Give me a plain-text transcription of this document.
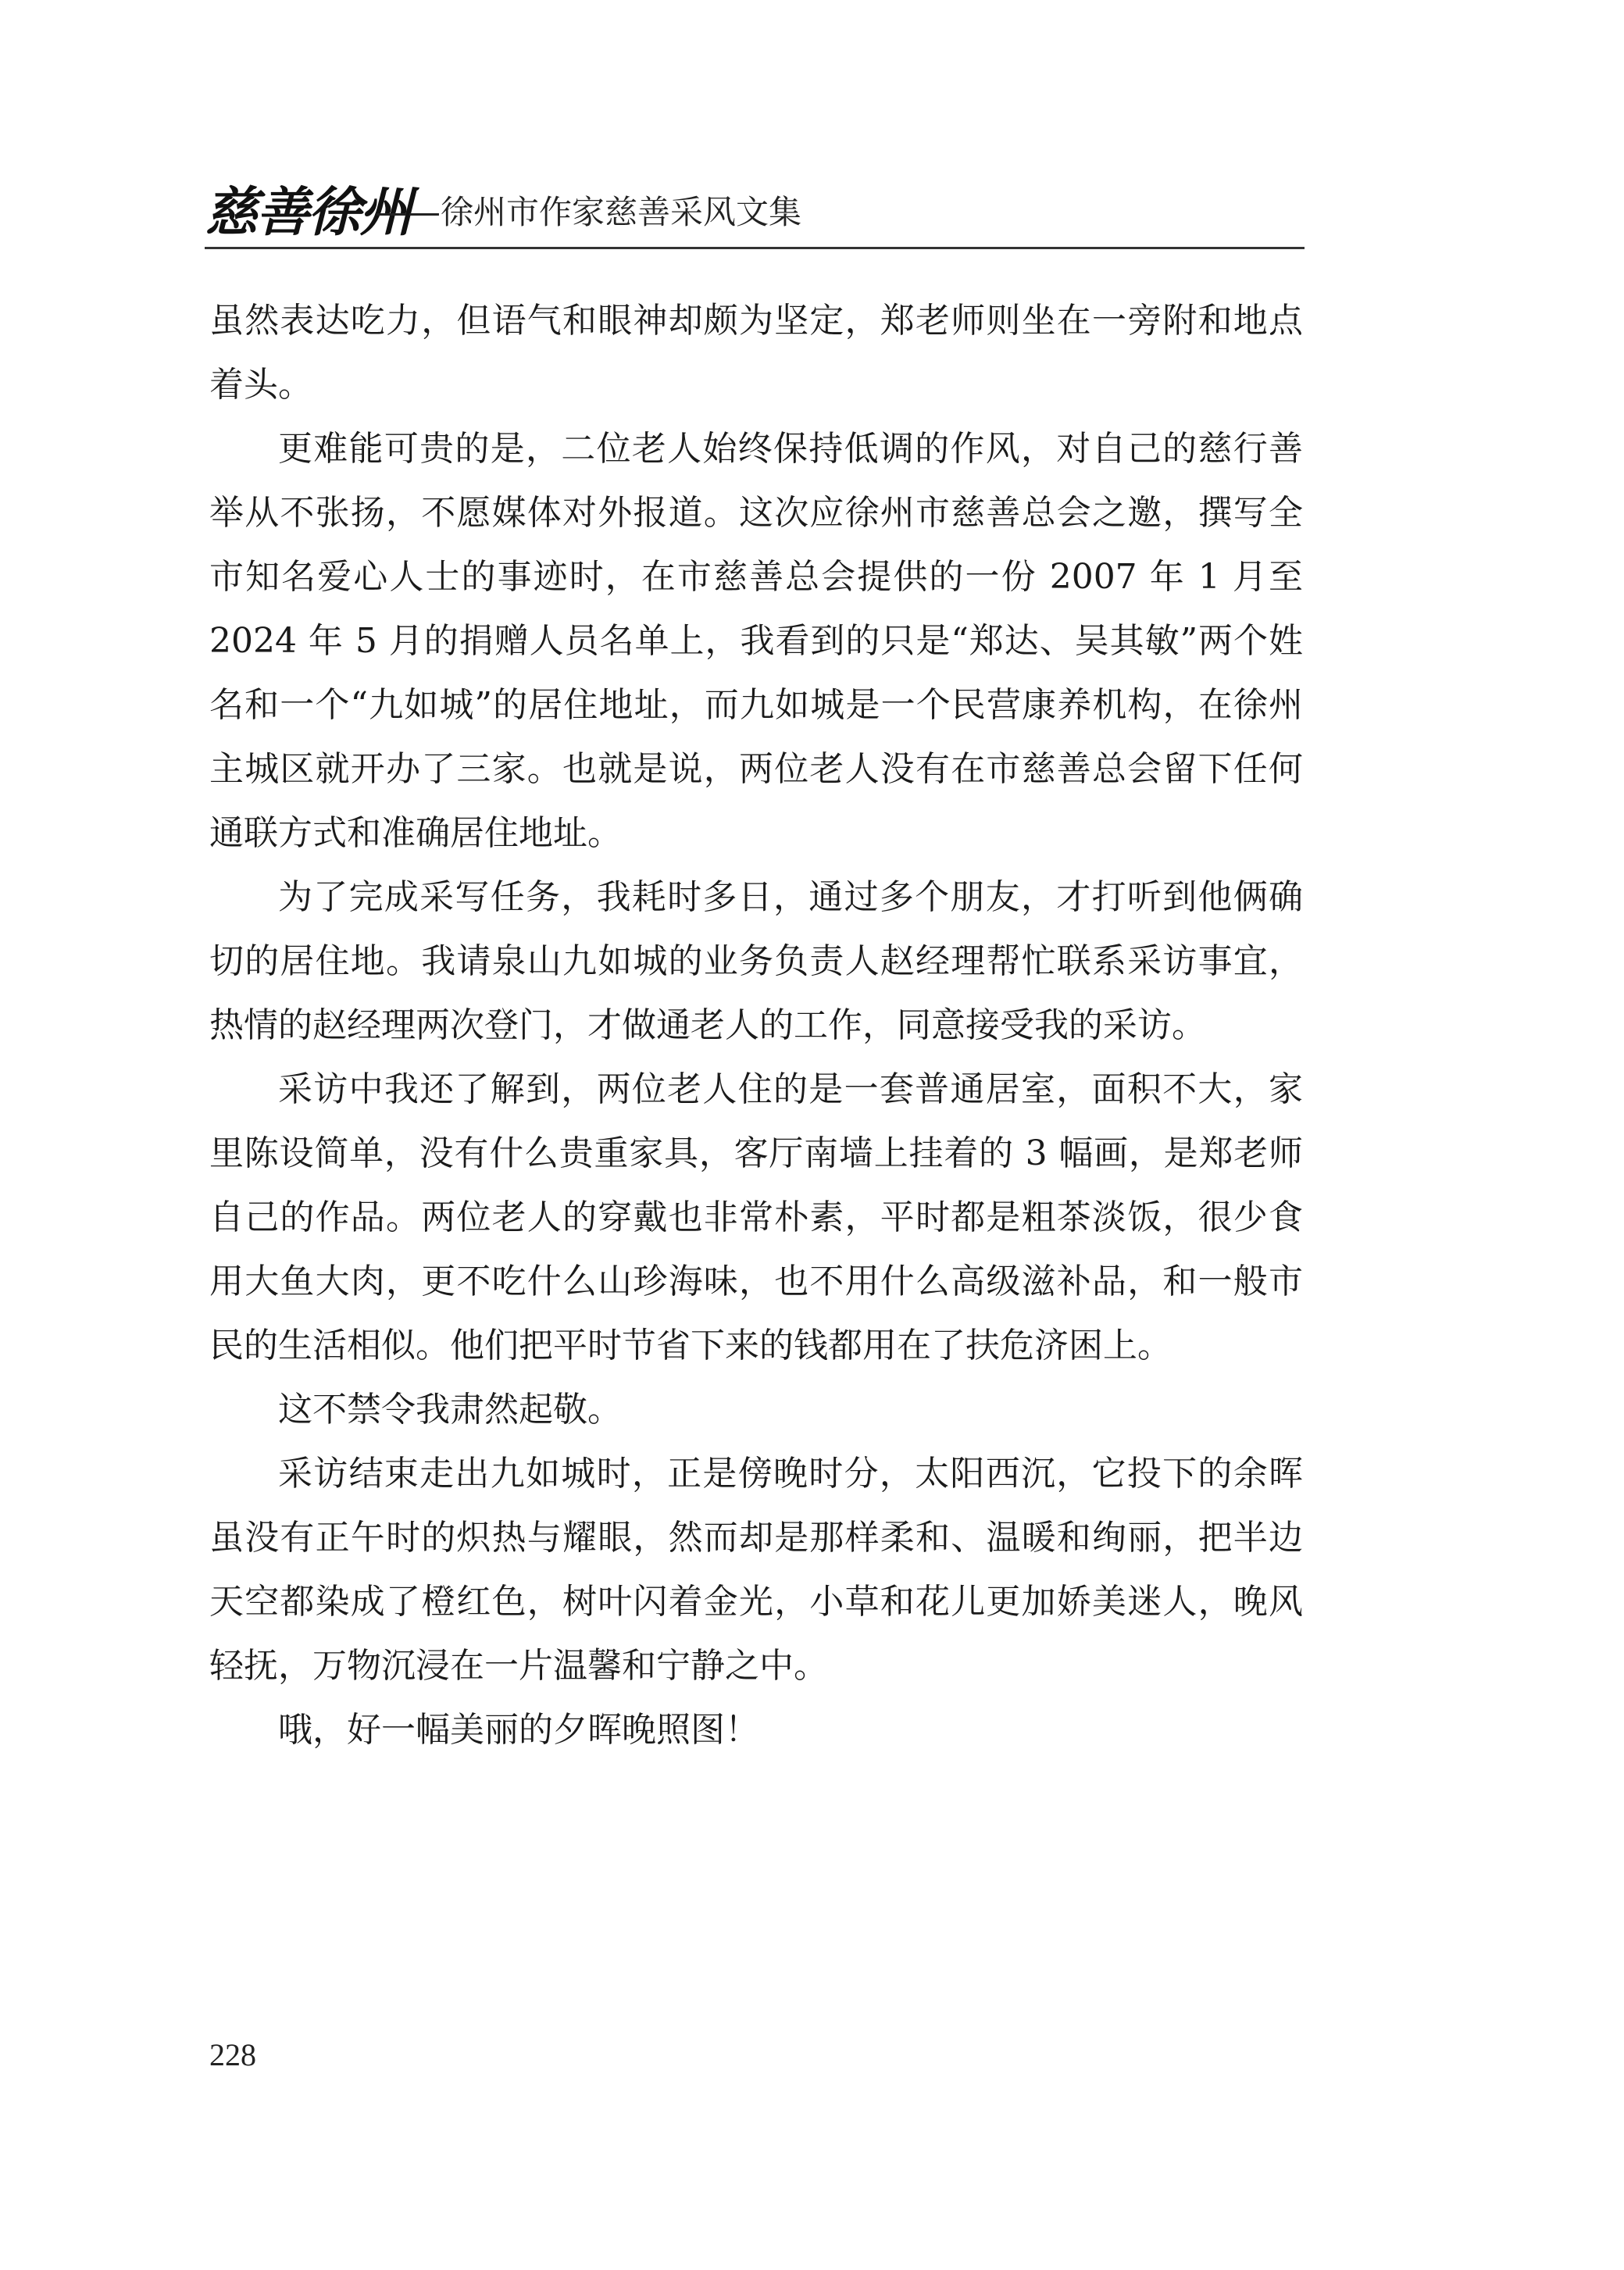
慈善徐州
——徐州市作家慈善采风文集

虽然表达吃力，但语气和眼神却颇为坚定，郑老师则坐在一旁附和地点着头。

更难能可贵的是，二位老人始终保持低调的作风，对自己的慈行善举从不张扬，不愿媒体对外报道。这次应徐州市慈善总会之邀，撰写全市知名爱心人士的事迹时，在市慈善总会提供的一份 2007 年 1 月至 2024 年 5 月的捐赠人员名单上，我看到的只是“郑达、吴其敏”两个姓名和一个“九如城”的居住地址，而九如城是一个民营康养机构，在徐州主城区就开办了三家。也就是说，两位老人没有在市慈善总会留下任何通联方式和准确居住地址。

为了完成采写任务，我耗时多日，通过多个朋友，才打听到他俩确切的居住地。我请泉山九如城的业务负责人赵经理帮忙联系采访事宜，热情的赵经理两次登门，才做通老人的工作，同意接受我的采访。

采访中我还了解到，两位老人住的是一套普通居室，面积不大，家里陈设简单，没有什么贵重家具，客厅南墙上挂着的 3 幅画，是郑老师自己的作品。两位老人的穿戴也非常朴素，平时都是粗茶淡饭，很少食用大鱼大肉，更不吃什么山珍海味，也不用什么高级滋补品，和一般市民的生活相似。他们把平时节省下来的钱都用在了扶危济困上。

这不禁令我肃然起敬。

采访结束走出九如城时，正是傍晚时分，太阳西沉，它投下的余晖虽没有正午时的炽热与耀眼，然而却是那样柔和、温暖和绚丽，把半边天空都染成了橙红色，树叶闪着金光，小草和花儿更加娇美迷人，晚风轻抚，万物沉浸在一片温馨和宁静之中。

哦，好一幅美丽的夕晖晚照图！

228
